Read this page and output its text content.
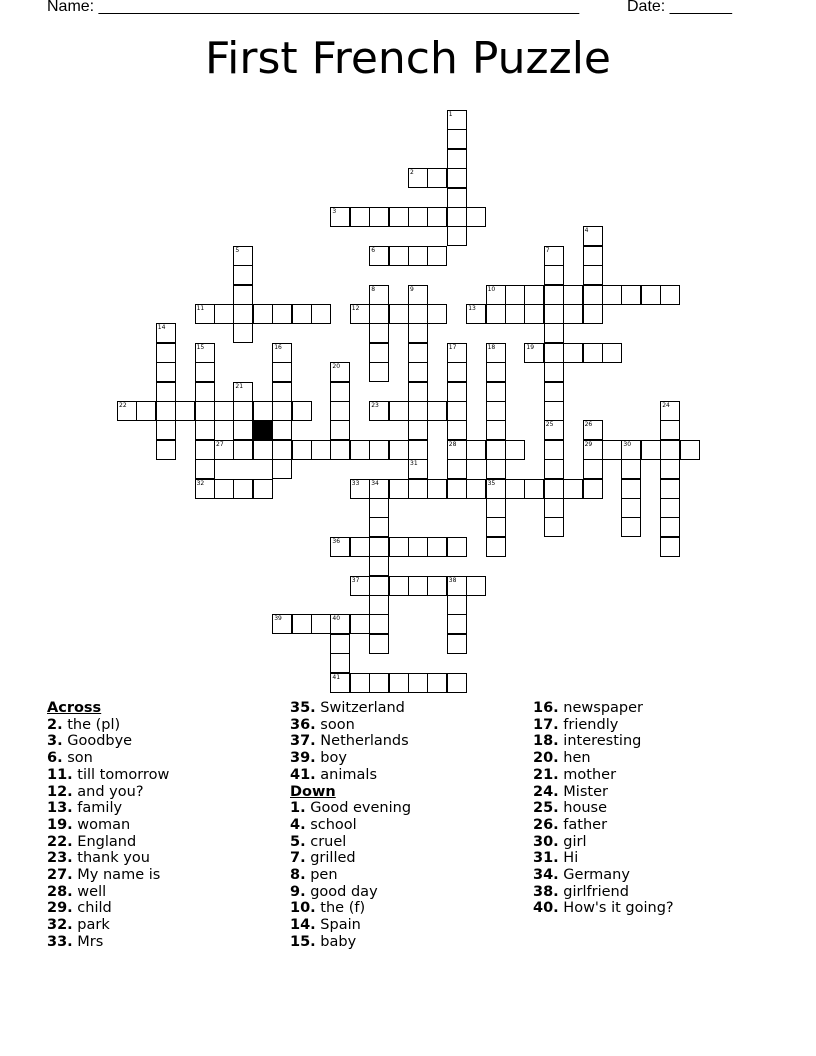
Name: ______________________________________________________	Date: _______
First French Puzzle
1
2
3
4
5	6	7
25
8	9	10
11	12	13
14
15
32
16	17
28
18
35
19
20
21
22	23	24
26
29
27	30
31
33 34
36
37	38
39	40
41
Across
2. the (pl)
3. Goodbye
6. son
11. till tomorrow
12. and you?
13. family
19. woman
22. England
23. thank you
27. My name is
28. well
29. child
32. park
33. Mrs
35. Switzerland
36. soon
37. Netherlands
39. boy
41. animals
Down
1. Good evening
4. school
5. cruel
7. grilled
8. pen
9. good day
10. the (f)
14. Spain
15. baby
16. newspaper
17. friendly
18. interesting
20. hen
21. mother
24. Mister
25. house
26. father
30. girl
31. Hi
34. Germany
38. girlfriend
40. How's it going?
